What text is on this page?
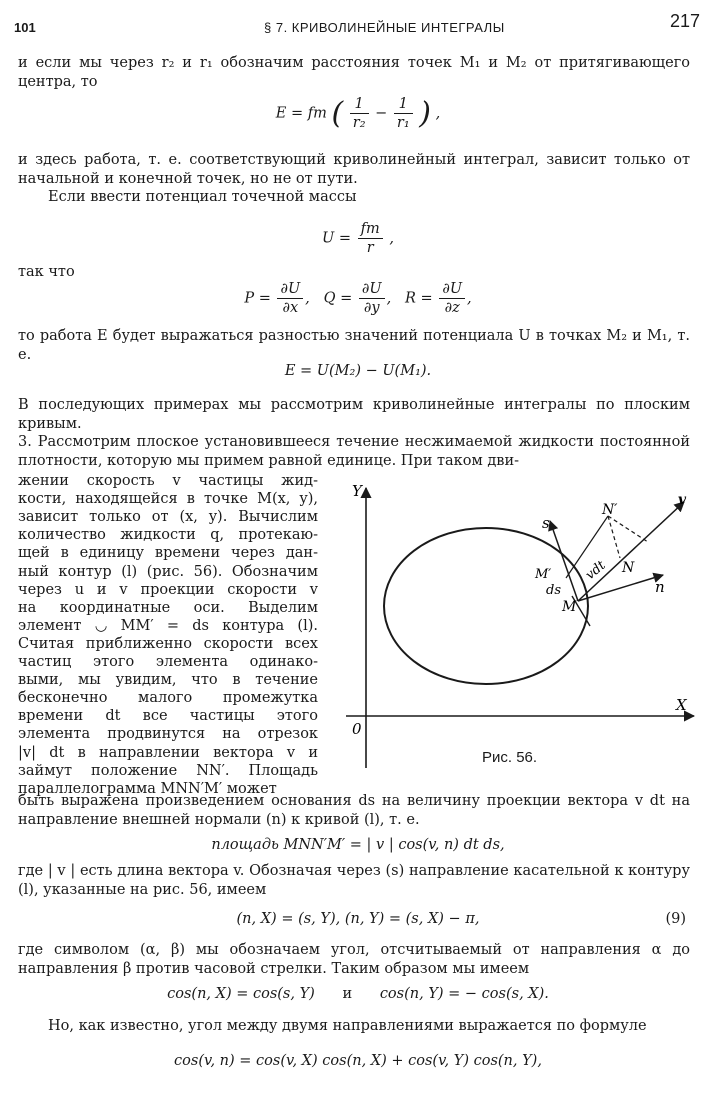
101	§ 7. КРИВОЛИНЕЙНЫЕ ИНТЕГРАЛЫ	217
и если мы через r₂ и r₁ обозначим расстояния точек M₁ и M₂ от притягивающего центра, то
E = fm ( $\frac{1}{\text{r₂}} - \frac{1}{\text{r₁}}$ ) ,
и здесь работа, т. е. соответствующий криволинейный интеграл, зависит только от начальной и конечной точек, но не от пути.
Если ввести потенциал точечной массы
$U = \frac{fm}{r}$ ,
так что
$P = \frac{\partial U}{\partial x}$ , $Q = \frac{\partial U}{\partial y}$ , $R = \frac{\partial U}{\partial z}$ ,
то работа E будет выражаться разностью значений потенциала U в точках M₂ и M₁, т. е.
E = U(M₂) − U(M₁).
В последующих примерах мы рассмотрим криволинейные интегралы по плоским кривым.
3. Рассмотрим плоское установившееся течение несжимаемой жидкости постоянной плотности, которую мы примем равной единице. При таком дви-
жении скорость v частицы жид-
кости, находящейся в точке M(x, y),
зависит только от (x, y). Вычислим
количество жидкости q, протекаю-
щей в единицу времени через дан-
ный контур (l) (рис. 56). Обозначим
через u и v проекции скорости v
на координатные оси. Выделим
элемент ◡ MM′ = ds контура (l).
Считая приближенно скорости всех
частиц этого элемента одинако-
выми, мы увидим, что в течение
бесконечно малого промежутка
времени dt все частицы этого
элемента продвинутся на отрезок
|v| dt в направлении вектора v и
займут положение NN′. Площадь
параллелограмма MNN′M′ может
Y
X
0
v
n
s
N
N′
M
M′
ds
vdt
Рис. 56.
быть выражена произведением основания ds на величину проекции вектора v dt на направление внешней нормали (n) к кривой (l), т. е.
площадь MNN′M′ = | v | cos(v, n) dt ds,
где | v | есть длина вектора v. Обозначая через (s) направление касательной к контуру (l), указанные на рис. 56, имеем
(n, X) = (s, Y), (n, Y) = (s, X) − π,	(9)
где символом (α, β) мы обозначаем угол, отсчитываемый от направления α до направления β против часовой стрелки. Таким образом мы имеем
cos(n, X) = cos(s, Y) и cos(n, Y) = − cos(s, X).
Но, как известно, угол между двумя направлениями выражается по формуле
cos(v, n) = cos(v, X) cos(n, X) + cos(v, Y) cos(n, Y),
